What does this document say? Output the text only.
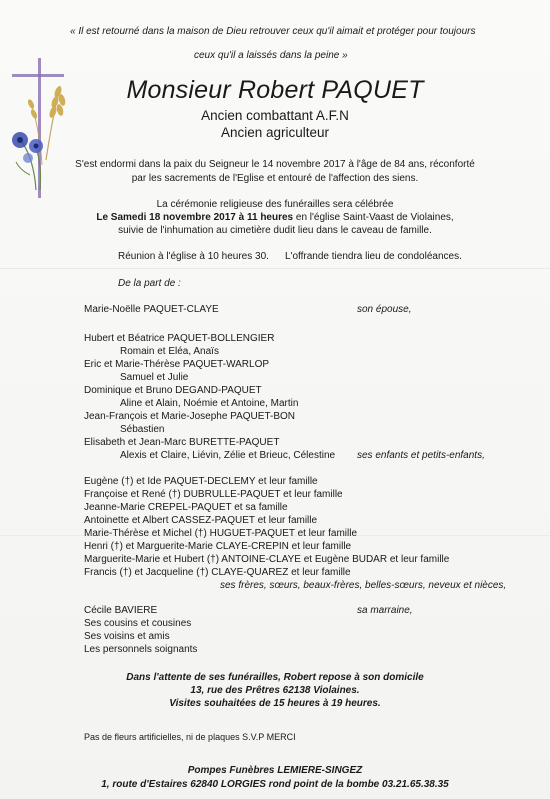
« Il est retourné dans la maison de Dieu retrouver ceux qu'il aimait et protéger pour toujours
ceux qu'il a laissés dans la peine »
Monsieur Robert PAQUET
Ancien combattant A.F.N
Ancien agriculteur
S'est endormi dans la paix du Seigneur le 14 novembre 2017 à l'âge de 84 ans, réconforté
par les sacrements de l'Eglise et entouré de l'affection des siens.
La cérémonie religieuse des funérailles sera célébrée
Le Samedi 18 novembre 2017 à 11 heures en l'église Saint-Vaast de Violaines,
suivie de l'inhumation au cimetière dudit lieu dans le caveau de famille.
Réunion à l'église à 10 heures 30. L'offrande tiendra lieu de condoléances.
De la part de :
Marie-Noëlle PAQUET-CLAYE	son épouse,
Hubert et Béatrice PAQUET-BOLLENGIER
Romain et Eléa, Anaïs
Eric et Marie-Thérèse PAQUET-WARLOP
Samuel et Julie
Dominique et Bruno DEGAND-PAQUET
Aline et Alain, Noémie et Antoine, Martin
Jean-François et Marie-Josephe PAQUET-BON
Sébastien
Elisabeth et Jean-Marc BURETTE-PAQUET
Alexis et Claire, Liévin, Zélie et Brieuc, Célestine ses enfants et petits-enfants,
Eugène (†) et Ide PAQUET-DECLEMY et leur famille
Françoise et René (†) DUBRULLE-PAQUET et leur famille
Jeanne-Marie CREPEL-PAQUET et sa famille
Antoinette et Albert CASSEZ-PAQUET et leur famille
Marie-Thérèse et Michel (†) HUGUET-PAQUET et leur famille
Henri (†) et Marguerite-Marie CLAYE-CREPIN et leur famille
Marguerite-Marie et Hubert (†) ANTOINE-CLAYE et Eugène BUDAR et leur famille
Francis (†) et Jacqueline (†) CLAYE-QUAREZ et leur famille
ses frères, sœurs, beaux-frères, belles-sœurs, neveux et nièces,
Cécile BAVIERE	sa marraine,
Ses cousins et cousines
Ses voisins et amis
Les personnels soignants
Dans l'attente de ses funérailles, Robert repose à son domicile
13, rue des Prêtres 62138 Violaines.
Visites souhaitées de 15 heures à 19 heures.
Pas de fleurs artificielles, ni de plaques S.V.P MERCI
Pompes Funèbres LEMIERE-SINGEZ
1, route d'Estaires 62840 LORGIES rond point de la bombe 03.21.65.38.35
